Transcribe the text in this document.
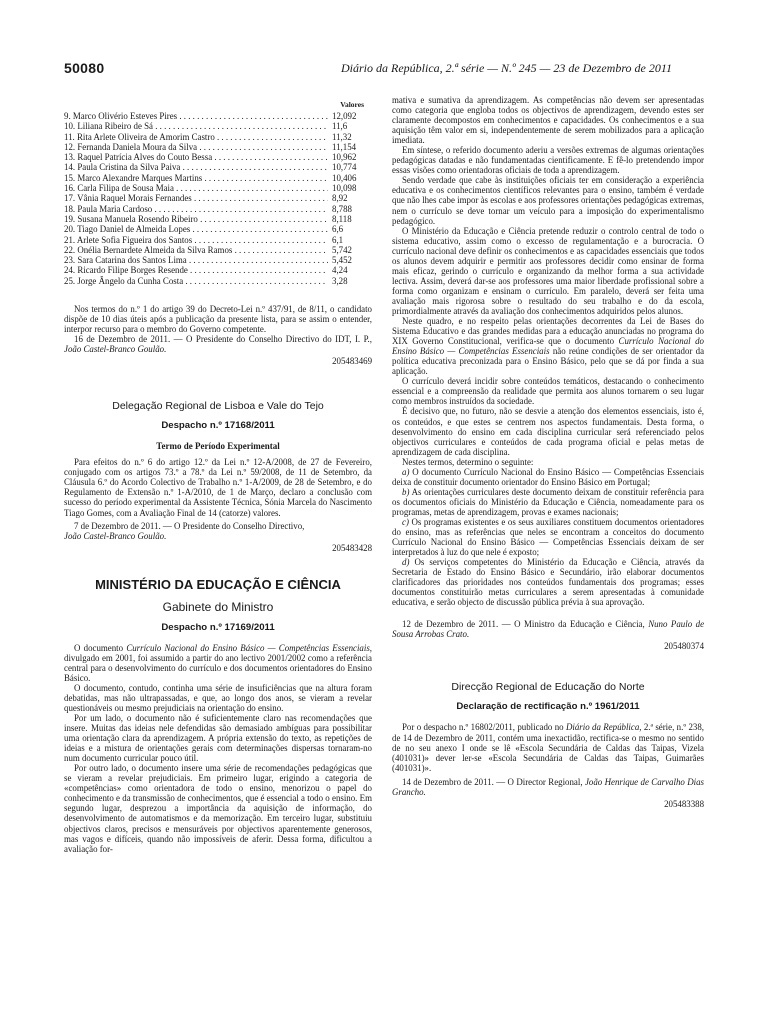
50080	Diário da República, 2.ª série — N.º 245 — 23 de Dezembro de 2011
Valores
9. Marco Olivério Esteves Pires . . .	12,092
10. Liliana Ribeiro de Sá . . .	11,6
11. Rita Arlete Oliveira de Amorim Castro . . .	11,32
12. Fernanda Daniela Moura da Silva . . .	11,154
13. Raquel Patrícia Alves do Couto Bessa . . .	10,962
14. Paula Cristina da Silva Paiva . . .	10,774
15. Marco Alexandre Marques Martins . . .	10,406
16. Carla Filipa de Sousa Maia . . .	10,098
17. Vânia Raquel Morais Fernandes . . .	8,92
18. Paula Maria Cardoso . . .	8,788
19. Susana Manuela Rosendo Ribeiro . . .	8,118
20. Tiago Daniel de Almeida Lopes . . .	6,6
21. Arlete Sofia Figueira dos Santos . . .	6,1
22. Onélia Bernardete Almeida da Silva Ramos . . .	5,742
23. Sara Catarina dos Santos Lima . . .	5,452
24. Ricardo Filipe Borges Resende . . .	4,24
25. Jorge Ângelo da Cunha Costa . . .	3,28

Nos termos do n.º 1 do artigo 39 do Decreto-Lei n.º 437/91, de 8/11, o candidato dispõe de 10 dias úteis após a publicação da presente lista, para se assim o entender, interpor recurso para o membro do Governo competente.

16 de Dezembro de 2011. — O Presidente do Conselho Directivo do IDT, I. P., João Castel-Branco Goulão.

205483469
Delegação Regional de Lisboa e Vale do Tejo
Despacho n.º 17168/2011
Termo de Período Experimental

Para efeitos do n.º 6 do artigo 12.º da Lei n.º 12-A/2008, de 27 de Fevereiro, conjugado com os artigos 73.º a 78.º da Lei n.º 59/2008, de 11 de Setembro, da Cláusula 6.º do Acordo Colectivo de Trabalho n.º 1-A/2009, de 28 de Setembro, e do Regulamento de Extensão n.º 1-A/2010, de 1 de Março, declaro a conclusão com sucesso do período experimental da Assistente Técnica, Sónia Marcela do Nascimento Tiago Gomes, com a Avaliação Final de 14 (catorze) valores.

7 de Dezembro de 2011. — O Presidente do Conselho Directivo,
João Castel-Branco Goulão.

205483428
MINISTÉRIO DA EDUCAÇÃO E CIÊNCIA
Gabinete do Ministro
Despacho n.º 17169/2011

O documento Currículo Nacional do Ensino Básico — Competências Essenciais, divulgado em 2001, foi assumido a partir do ano lectivo 2001/2002 como a referência central para o desenvolvimento do currículo e dos documentos orientadores do Ensino Básico.

O documento, contudo, continha uma série de insuficiências que na altura foram debatidas, mas não ultrapassadas, e que, ao longo dos anos, se vieram a revelar questionáveis ou mesmo prejudiciais na orientação do ensino.

Por um lado, o documento não é suficientemente claro nas recomendações que insere. Muitas das ideias nele defendidas são demasiado ambíguas para possibilitar uma orientação clara da aprendizagem. A própria extensão do texto, as repetições de ideias e a mistura de orientações gerais com determinações dispersas tornaram-no num documento curricular pouco útil.

Por outro lado, o documento insere uma série de recomendações pedagógicas que se vieram a revelar prejudiciais. Em primeiro lugar, erigindo a categoria de «competências» como orientadora de todo o ensino, menorizou o papel do conhecimento e da transmissão de conhecimentos, que é essencial a todo o ensino. Em segundo lugar, desprezou a importância da aquisição de informação, do desenvolvimento de automatismos e da memorização. Em terceiro lugar, substituiu objectivos claros, precisos e mensuráveis por objectivos aparentemente generosos, mas vagos e difíceis, quando não impossíveis de aferir. Dessa forma, dificultou a avaliação for-

mativa e sumativa da aprendizagem. As competências não devem ser apresentadas como categoria que engloba todos os objectivos de aprendizagem, devendo estes ser claramente decompostos em conhecimentos e capacidades. Os conhecimentos e a sua aquisição têm valor em si, independentemente de serem mobilizados para a aplicação imediata.

Em síntese, o referido documento aderiu a versões extremas de algumas orientações pedagógicas datadas e não fundamentadas cientificamente. E fê-lo pretendendo impor essas visões como orientadoras oficiais de toda a aprendizagem.

Sendo verdade que cabe às instituições oficiais ter em consideração a experiência educativa e os conhecimentos científicos relevantes para o ensino, também é verdade que não lhes cabe impor às escolas e aos professores orientações pedagógicas extremas, nem o currículo se deve tornar um veículo para a imposição do experimentalismo pedagógico.

O Ministério da Educação e Ciência pretende reduzir o controlo central de todo o sistema educativo, assim como o excesso de regulamentação e a burocracia. O currículo nacional deve definir os conhecimentos e as capacidades essenciais que todos os alunos devem adquirir e permitir aos professores decidir como ensinar de forma mais eficaz, gerindo o currículo e organizando da melhor forma a sua actividade lectiva. Assim, deverá dar-se aos professores uma maior liberdade profissional sobre a forma como organizam e ensinam o currículo. Em paralelo, deverá ser feita uma avaliação mais rigorosa sobre o resultado do seu trabalho e do da escola, primordialmente através da avaliação dos conhecimentos adquiridos pelos alunos.

Neste quadro, e no respeito pelas orientações decorrentes da Lei de Bases do Sistema Educativo e das grandes medidas para a educação anunciadas no programa do XIX Governo Constitucional, verifica-se que o documento Currículo Nacional do Ensino Básico — Competências Essenciais não reúne condições de ser orientador da política educativa preconizada para o Ensino Básico, pelo que se dá por finda a sua aplicação.

O currículo deverá incidir sobre conteúdos temáticos, destacando o conhecimento essencial e a compreensão da realidade que permita aos alunos tornarem o seu lugar como membros instruídos da sociedade.

É decisivo que, no futuro, não se desvie a atenção dos elementos essenciais, isto é, os conteúdos, e que estes se centrem nos aspectos fundamentais. Desta forma, o desenvolvimento do ensino em cada disciplina curricular será referenciado pelos objectivos curriculares e conteúdos de cada programa oficial e pelas metas de aprendizagem de cada disciplina.

Nestes termos, determino o seguinte:

a) O documento Currículo Nacional do Ensino Básico — Competências Essenciais deixa de constituir documento orientador do Ensino Básico em Portugal;

b) As orientações curriculares deste documento deixam de constituir referência para os documentos oficiais do Ministério da Educação e Ciência, nomeadamente para os programas, metas de aprendizagem, provas e exames nacionais;

c) Os programas existentes e os seus auxiliares constituem documentos orientadores do ensino, mas as referências que neles se encontram a conceitos do documento Currículo Nacional do Ensino Básico — Competências Essenciais deixam de ser interpretados à luz do que nele é exposto;

d) Os serviços competentes do Ministério da Educação e Ciência, através da Secretaria de Estado do Ensino Básico e Secundário, irão elaborar documentos clarificadores das prioridades nos conteúdos fundamentais dos programas; esses documentos constituirão metas curriculares a serem apresentadas à comunidade educativa, e serão objecto de discussão pública prévia à sua aprovação.

12 de Dezembro de 2011. — O Ministro da Educação e Ciência, Nuno Paulo de Sousa Arrobas Crato.

205480374
Direcção Regional de Educação do Norte
Declaração de rectificação n.º 1961/2011

Por o despacho n.º 16802/2011, publicado no Diário da República, 2.ª série, n.º 238, de 14 de Dezembro de 2011, contém uma inexactidão, rectifica-se o mesmo no sentido de no seu anexo I onde se lê «Escola Secundária de Caldas das Taipas, Vizela (401031)» dever ler-se «Escola Secundária de Caldas das Taipas, Guimarães (401031)».

14 de Dezembro de 2011. — O Director Regional, João Henrique de Carvalho Dias Grancho.

205483388
